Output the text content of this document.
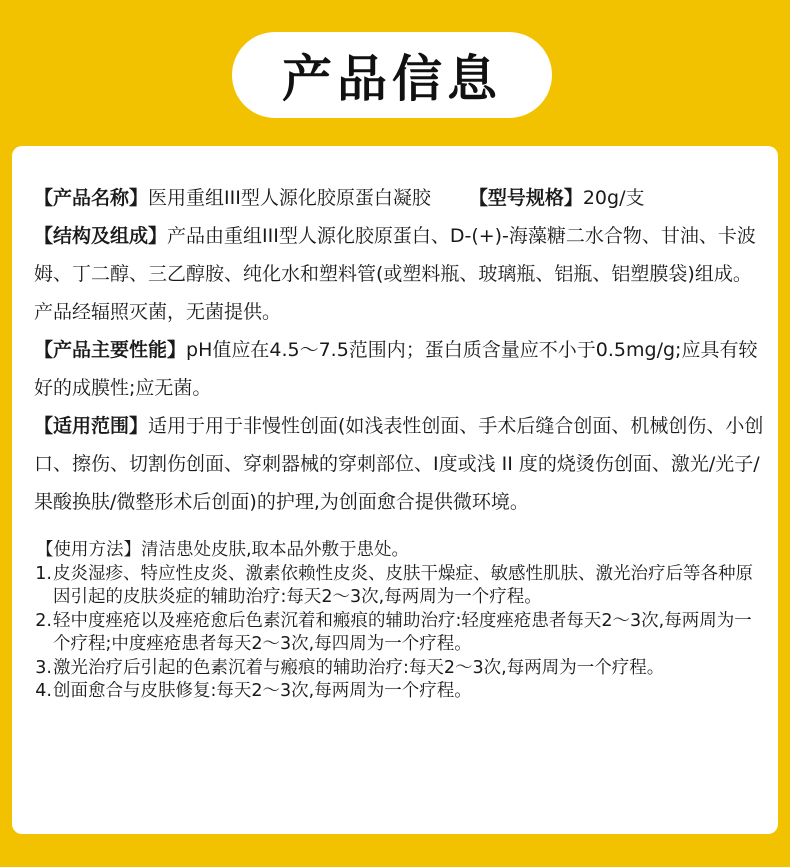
产品信息
【产品名称】医用重组III型人源化胶原蛋白凝胶 【型号规格】20g/支

【结构及组成】产品由重组III型人源化胶原蛋白、D-(+)-海藻糖二水合物、甘油、卡波姆、丁二醇、三乙醇胺、纯化水和塑料管(或塑料瓶、玻璃瓶、铝瓶、铝塑膜袋)组成。产品经辐照灭菌，无菌提供。

【产品主要性能】pH值应在4.5～7.5范围内；蛋白质含量应不小于0.5mg/g;应具有较好的成膜性;应无菌。

【适用范围】适用于用于非慢性创面(如浅表性创面、手术后缝合创面、机械创伤、小创口、擦伤、切割伤创面、穿刺器械的穿刺部位、I度或浅 II 度的烧烫伤创面、激光/光子/果酸换肤/微整形术后创面)的护理,为创面愈合提供微环境。

【使用方法】清洁患处皮肤,取本品外敷于患处。
1. 皮炎湿疹、特应性皮炎、激素依赖性皮炎、皮肤干燥症、敏感性肌肤、激光治疗后等各种原因引起的皮肤炎症的辅助治疗:每天2～3次,每两周为一个疗程。
2. 轻中度痤疮以及痤疮愈后色素沉着和瘢痕的辅助治疗:轻度痤疮患者每天2～3次,每两周为一个疗程;中度痤疮患者每天2～3次,每四周为一个疗程。
3. 激光治疗后引起的色素沉着与瘢痕的辅助治疗:每天2～3次,每两周为一个疗程。
4. 创面愈合与皮肤修复:每天2～3次,每两周为一个疗程。
